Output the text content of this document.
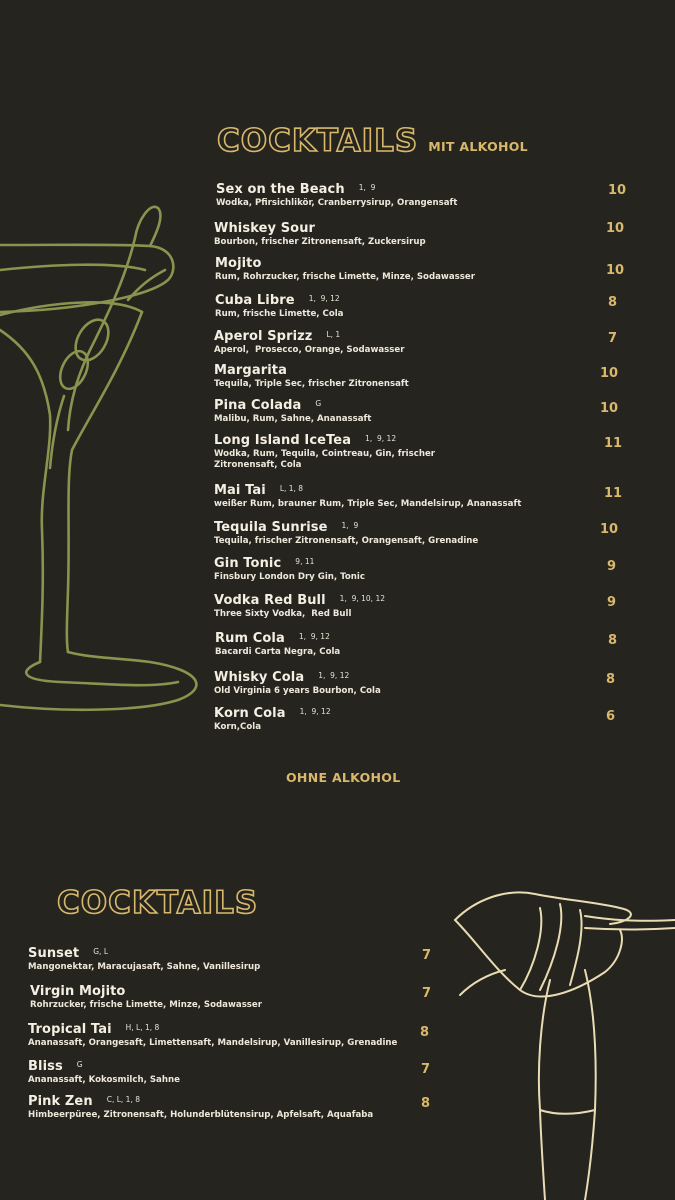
COCKTAILS MIT ALKOHOL
Sex on the Beach 1,  9
Wodka, Pfirsichlikör, Cranberrysirup, Orangensaft
10
Whiskey Sour
Bourbon, frischer Zitronensaft, Zuckersirup
10
Mojito
Rum, Rohrzucker, frische Limette, Minze, Sodawasser	10
Cuba Libre 1,  9, 12
Rum, frische Limette, Cola
8
Aperol Sprizz L, 1
Aperol,  Prosecco, Orange, Sodawasser
7
Margarita
Tequila, Triple Sec, frischer Zitronensaft
10
Pina Colada G
Malibu, Rum, Sahne, Ananassaft
10
Long Island IceTea 1,  9, 12
Wodka, Rum, Tequila, Cointreau, Gin, frischer
Zitronensaft, Cola
11
Mai Tai L, 1, 8
weißer Rum, brauner Rum, Triple Sec, Mandelsirup, Ananassaft
11
Tequila Sunrise 1,  9
Tequila, frischer Zitronensaft, Orangensaft, Grenadine
10
Gin Tonic 9, 11
Finsbury London Dry Gin, Tonic
9
Vodka Red Bull 1,  9, 10, 12
Three Sixty Vodka,  Red Bull
9
Rum Cola 1,  9, 12
Bacardi Carta Negra, Cola
8
Whisky Cola 1,  9, 12
Old Virginia 6 years Bourbon, Cola
8
Korn Cola 1,  9, 12
Korn,Cola
6
OHNE ALKOHOL
COCKTAILS
Sunset G, L
Mangonektar, Maracujasaft, Sahne, Vanillesirup
7
Virgin Mojito
Rohrzucker, frische Limette, Minze, Sodawasser
7
Tropical Tai H, L, 1, 8
Ananassaft, Orangesaft, Limettensaft, Mandelsirup, Vanillesirup, Grenadine
8
Bliss G
Ananassaft, Kokosmilch, Sahne
7
Pink Zen C, L, 1, 8
Himbeerpüree, Zitronensaft, Holunderblütensirup, Apfelsaft, Aquafaba
8
